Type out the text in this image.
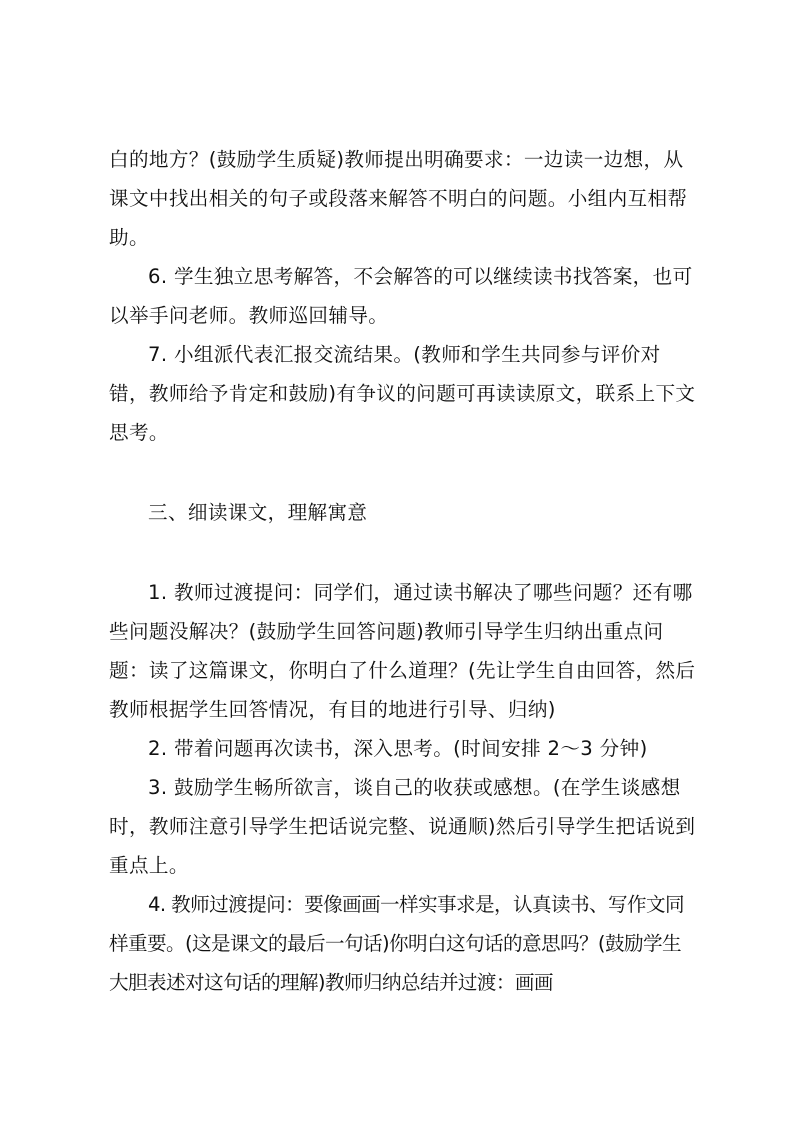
白的地方？(鼓励学生质疑)教师提出明确要求：一边读一边想，从课文中找出相关的句子或段落来解答不明白的问题。小组内互相帮助。

6. 学生独立思考解答，不会解答的可以继续读书找答案，也可以举手问老师。教师巡回辅导。

7. 小组派代表汇报交流结果。(教师和学生共同参与评价对错，教师给予肯定和鼓励)有争议的问题可再读读原文，联系上下文思考。

三、细读课文，理解寓意

1. 教师过渡提问：同学们，通过读书解决了哪些问题？还有哪些问题没解决？(鼓励学生回答问题)教师引导学生归纳出重点问题：读了这篇课文，你明白了什么道理？(先让学生自由回答，然后教师根据学生回答情况，有目的地进行引导、归纳)

2. 带着问题再次读书，深入思考。(时间安排 2～3 分钟)

3. 鼓励学生畅所欲言，谈自己的收获或感想。(在学生谈感想时，教师注意引导学生把话说完整、说通顺)然后引导学生把话说到重点上。

4. 教师过渡提问：要像画画一样实事求是，认真读书、写作文同样重要。(这是课文的最后一句话)你明白这句话的意思吗？(鼓励学生大胆表述对这句话的理解)教师归纳总结并过渡：画画
